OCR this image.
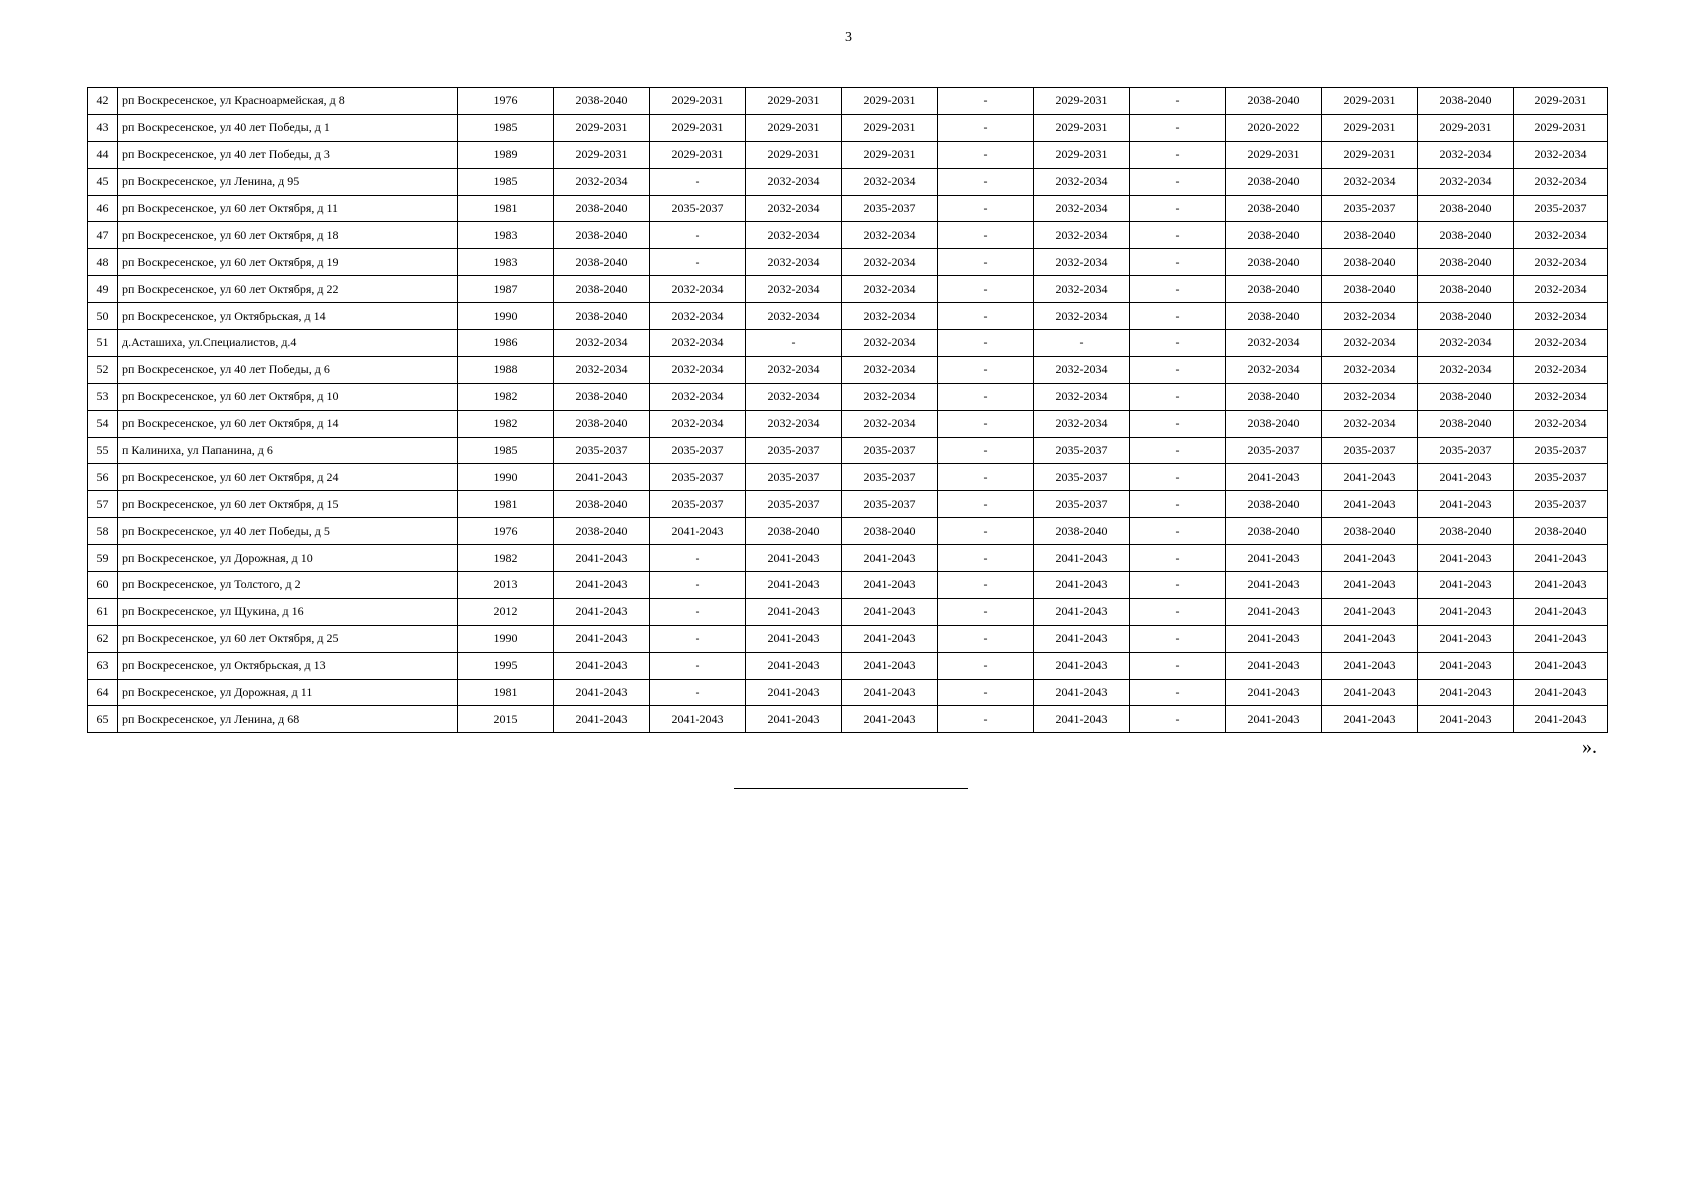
3
42	рп Воскресенское, ул Красноармейская, д 8	1976	2038-2040	2029-2031	2029-2031	2029-2031	-	2029-2031	-	2038-2040	2029-2031	2038-2040	2029-2031
43	рп Воскресенское, ул 40 лет Победы, д 1	1985	2029-2031	2029-2031	2029-2031	2029-2031	-	2029-2031	-	2020-2022	2029-2031	2029-2031	2029-2031
44	рп Воскресенское, ул 40 лет Победы, д 3	1989	2029-2031	2029-2031	2029-2031	2029-2031	-	2029-2031	-	2029-2031	2029-2031	2032-2034	2032-2034
45	рп Воскресенское, ул Ленина, д 95	1985	2032-2034	-	2032-2034	2032-2034	-	2032-2034	-	2038-2040	2032-2034	2032-2034	2032-2034
46	рп Воскресенское, ул 60 лет Октября, д 11	1981	2038-2040	2035-2037	2032-2034	2035-2037	-	2032-2034	-	2038-2040	2035-2037	2038-2040	2035-2037
47	рп Воскресенское, ул 60 лет Октября, д 18	1983	2038-2040	-	2032-2034	2032-2034	-	2032-2034	-	2038-2040	2038-2040	2038-2040	2032-2034
48	рп Воскресенское, ул 60 лет Октября, д 19	1983	2038-2040	-	2032-2034	2032-2034	-	2032-2034	-	2038-2040	2038-2040	2038-2040	2032-2034
49	рп Воскресенское, ул 60 лет Октября, д 22	1987	2038-2040	2032-2034	2032-2034	2032-2034	-	2032-2034	-	2038-2040	2038-2040	2038-2040	2032-2034
50	рп Воскресенское, ул Октябрьская, д 14	1990	2038-2040	2032-2034	2032-2034	2032-2034	-	2032-2034	-	2038-2040	2032-2034	2038-2040	2032-2034
51	д.Асташиха, ул.Специалистов, д.4	1986	2032-2034	2032-2034	-	2032-2034	-	-	-	2032-2034	2032-2034	2032-2034	2032-2034
52	рп Воскресенское, ул 40 лет Победы, д 6	1988	2032-2034	2032-2034	2032-2034	2032-2034	-	2032-2034	-	2032-2034	2032-2034	2032-2034	2032-2034
53	рп Воскресенское, ул 60 лет Октября, д 10	1982	2038-2040	2032-2034	2032-2034	2032-2034	-	2032-2034	-	2038-2040	2032-2034	2038-2040	2032-2034
54	рп Воскресенское, ул 60 лет Октября, д 14	1982	2038-2040	2032-2034	2032-2034	2032-2034	-	2032-2034	-	2038-2040	2032-2034	2038-2040	2032-2034
55	п Калиниха, ул Папанина, д 6	1985	2035-2037	2035-2037	2035-2037	2035-2037	-	2035-2037	-	2035-2037	2035-2037	2035-2037	2035-2037
56	рп Воскресенское, ул 60 лет Октября, д 24	1990	2041-2043	2035-2037	2035-2037	2035-2037	-	2035-2037	-	2041-2043	2041-2043	2041-2043	2035-2037
57	рп Воскресенское, ул 60 лет Октября, д 15	1981	2038-2040	2035-2037	2035-2037	2035-2037	-	2035-2037	-	2038-2040	2041-2043	2041-2043	2035-2037
58	рп Воскресенское, ул 40 лет Победы, д 5	1976	2038-2040	2041-2043	2038-2040	2038-2040	-	2038-2040	-	2038-2040	2038-2040	2038-2040	2038-2040
59	рп Воскресенское, ул Дорожная, д 10	1982	2041-2043	-	2041-2043	2041-2043	-	2041-2043	-	2041-2043	2041-2043	2041-2043	2041-2043
60	рп Воскресенское, ул Толстого, д 2	2013	2041-2043	-	2041-2043	2041-2043	-	2041-2043	-	2041-2043	2041-2043	2041-2043	2041-2043
61	рп Воскресенское, ул Щукина, д 16	2012	2041-2043	-	2041-2043	2041-2043	-	2041-2043	-	2041-2043	2041-2043	2041-2043	2041-2043
62	рп Воскресенское, ул 60 лет Октября, д 25	1990	2041-2043	-	2041-2043	2041-2043	-	2041-2043	-	2041-2043	2041-2043	2041-2043	2041-2043
63	рп Воскресенское, ул Октябрьская, д 13	1995	2041-2043	-	2041-2043	2041-2043	-	2041-2043	-	2041-2043	2041-2043	2041-2043	2041-2043
64	рп Воскресенское, ул Дорожная, д 11	1981	2041-2043	-	2041-2043	2041-2043	-	2041-2043	-	2041-2043	2041-2043	2041-2043	2041-2043
65	рп Воскресенское, ул Ленина, д 68	2015	2041-2043	2041-2043	2041-2043	2041-2043	-	2041-2043	-	2041-2043	2041-2043	2041-2043	2041-2043
».
